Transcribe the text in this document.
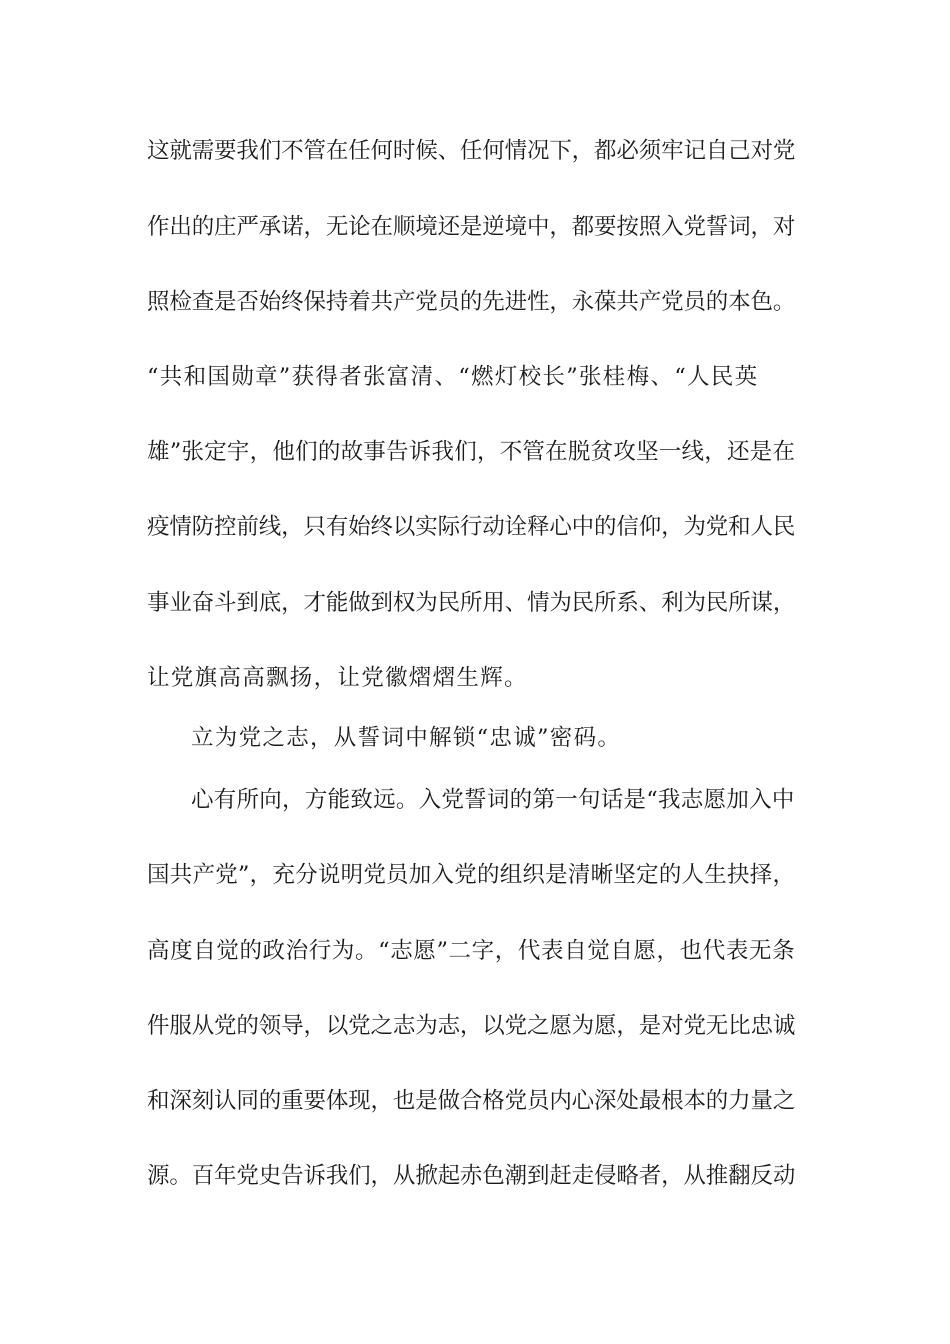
这就需要我们不管在任何时候、任何情况下，都必须牢记自己对党
作出的庄严承诺，无论在顺境还是逆境中，都要按照入党誓词，对
照检查是否始终保持着共产党员的先进性，永葆共产党员的本色。
“共和国勋章”获得者张富清、“燃灯校长”张桂梅、“人民英
雄”张定宇，他们的故事告诉我们，不管在脱贫攻坚一线，还是在
疫情防控前线，只有始终以实际行动诠释心中的信仰，为党和人民
事业奋斗到底，才能做到权为民所用、情为民所系、利为民所谋，
让党旗高高飘扬，让党徽熠熠生辉。
立为党之志，从誓词中解锁“忠诚”密码。
心有所向，方能致远。入党誓词的第一句话是“我志愿加入中
国共产党”，充分说明党员加入党的组织是清晰坚定的人生抉择，
高度自觉的政治行为。“志愿”二字，代表自觉自愿，也代表无条
件服从党的领导，以党之志为志，以党之愿为愿，是对党无比忠诚
和深刻认同的重要体现，也是做合格党员内心深处最根本的力量之
源。百年党史告诉我们，从掀起赤色潮到赶走侵略者，从推翻反动
